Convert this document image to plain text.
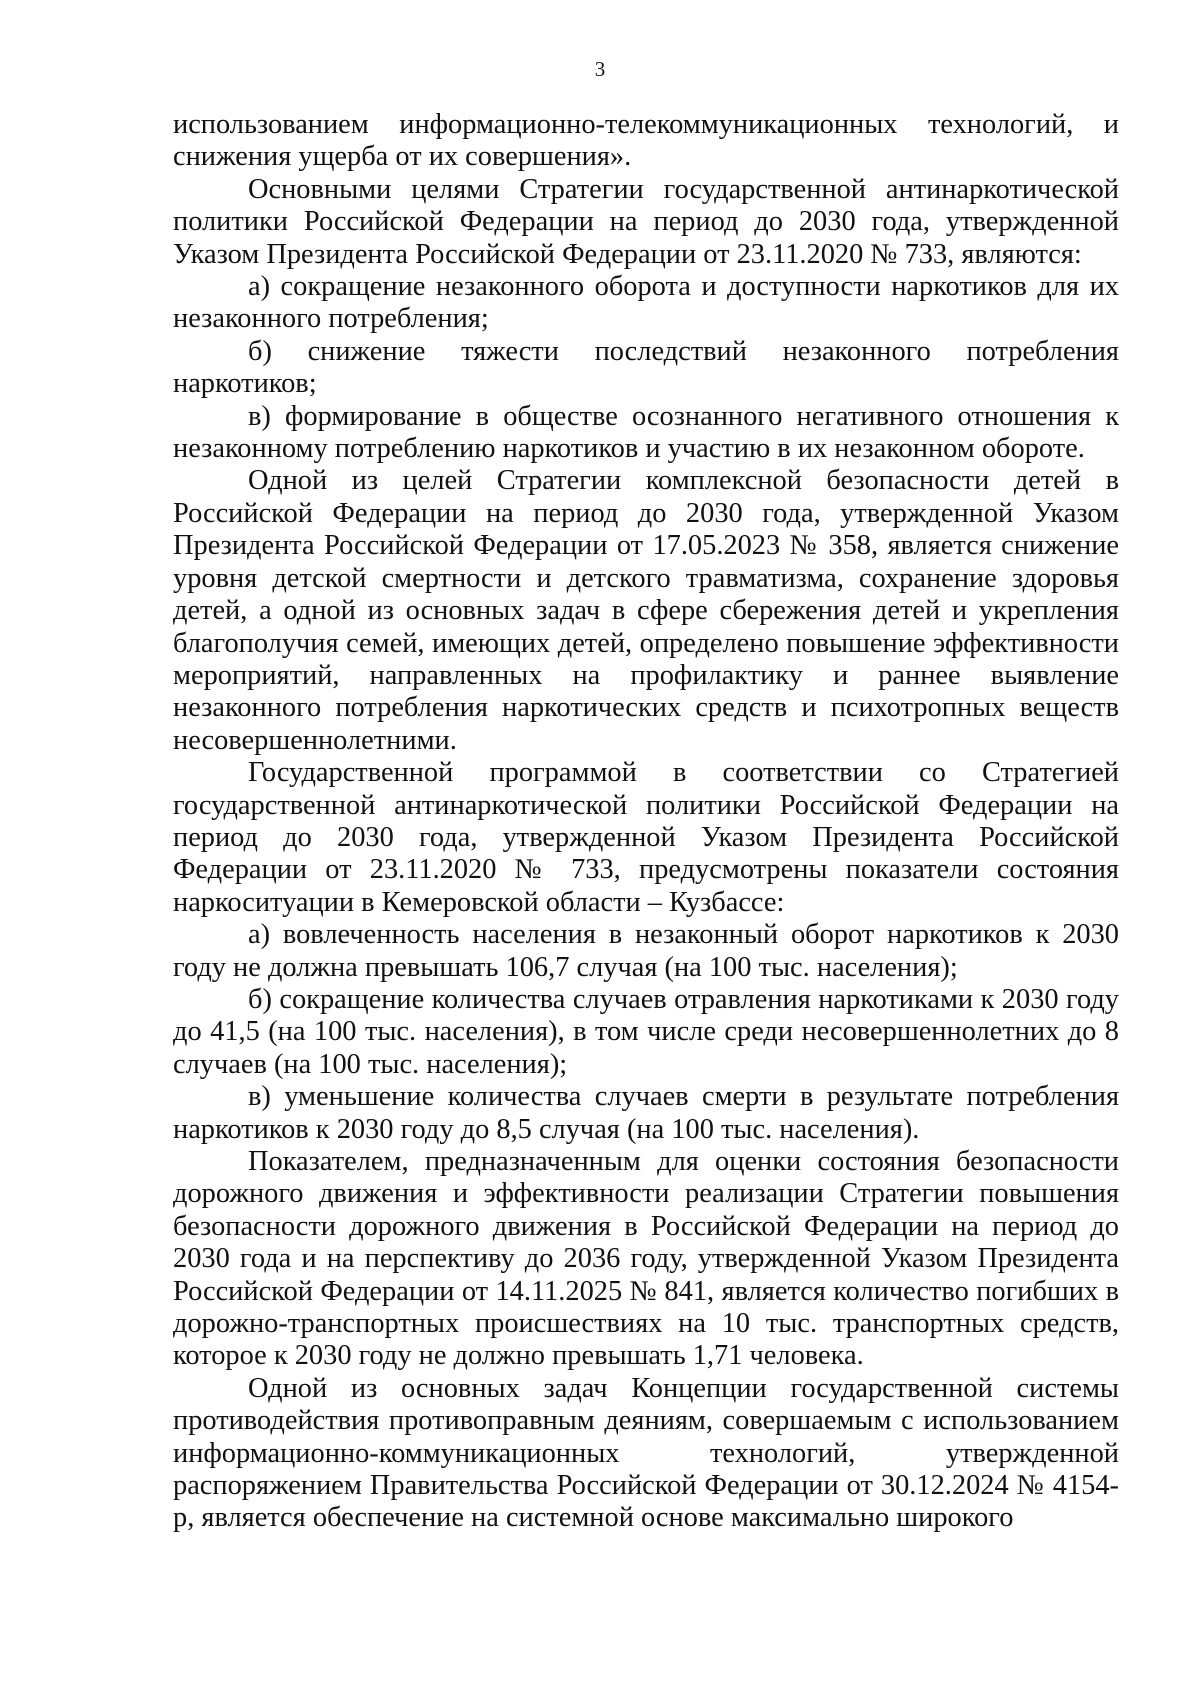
3

использованием информационно-телекоммуникационных технологий, и снижения ущерба от их совершения».

Основными целями Стратегии государственной антинаркотической политики Российской Федерации на период до 2030 года, утвержденной Указом Президента Российской Федерации от 23.11.2020 № 733, являются:

а) сокращение незаконного оборота и доступности наркотиков для их незаконного потребления;

б) снижение тяжести последствий незаконного потребления наркотиков;

в) формирование в обществе осознанного негативного отношения к незаконному потреблению наркотиков и участию в их незаконном обороте.

Одной из целей Стратегии комплексной безопасности детей в Российской Федерации на период до 2030 года, утвержденной Указом Президента Российской Федерации от 17.05.2023 № 358, является снижение уровня детской смертности и детского травматизма, сохранение здоровья детей, а одной из основных задач в сфере сбережения детей и укрепления благополучия семей, имеющих детей, определено повышение эффективности мероприятий, направленных на профилактику и раннее выявление незаконного потребления наркотических средств и психотропных веществ несовершеннолетними.

Государственной программой в соответствии со Стратегией государственной антинаркотической политики Российской Федерации на период до 2030 года, утвержденной Указом Президента Российской Федерации от 23.11.2020 № 733, предусмотрены показатели состояния наркоситуации в Кемеровской области – Кузбассе:

а) вовлеченность населения в незаконный оборот наркотиков к 2030 году не должна превышать 106,7 случая (на 100 тыс. населения);

б) сокращение количества случаев отравления наркотиками к 2030 году до 41,5 (на 100 тыс. населения), в том числе среди несовершеннолетних до 8 случаев (на 100 тыс. населения);

в) уменьшение количества случаев смерти в результате потребления наркотиков к 2030 году до 8,5 случая (на 100 тыс. населения).

Показателем, предназначенным для оценки состояния безопасности дорожного движения и эффективности реализации Стратегии повышения безопасности дорожного движения в Российской Федерации на период до 2030 года и на перспективу до 2036 году, утвержденной Указом Президента Российской Федерации от 14.11.2025 № 841, является количество погибших в дорожно-транспортных происшествиях на 10 тыс. транспортных средств, которое к 2030 году не должно превышать 1,71 человека.

Одной из основных задач Концепции государственной системы противодействия противоправным деяниям, совершаемым с использованием информационно-коммуникационных технологий, утвержденной распоряжением Правительства Российской Федерации от 30.12.2024 № 4154-р, является обеспечение на системной основе максимально широкого
